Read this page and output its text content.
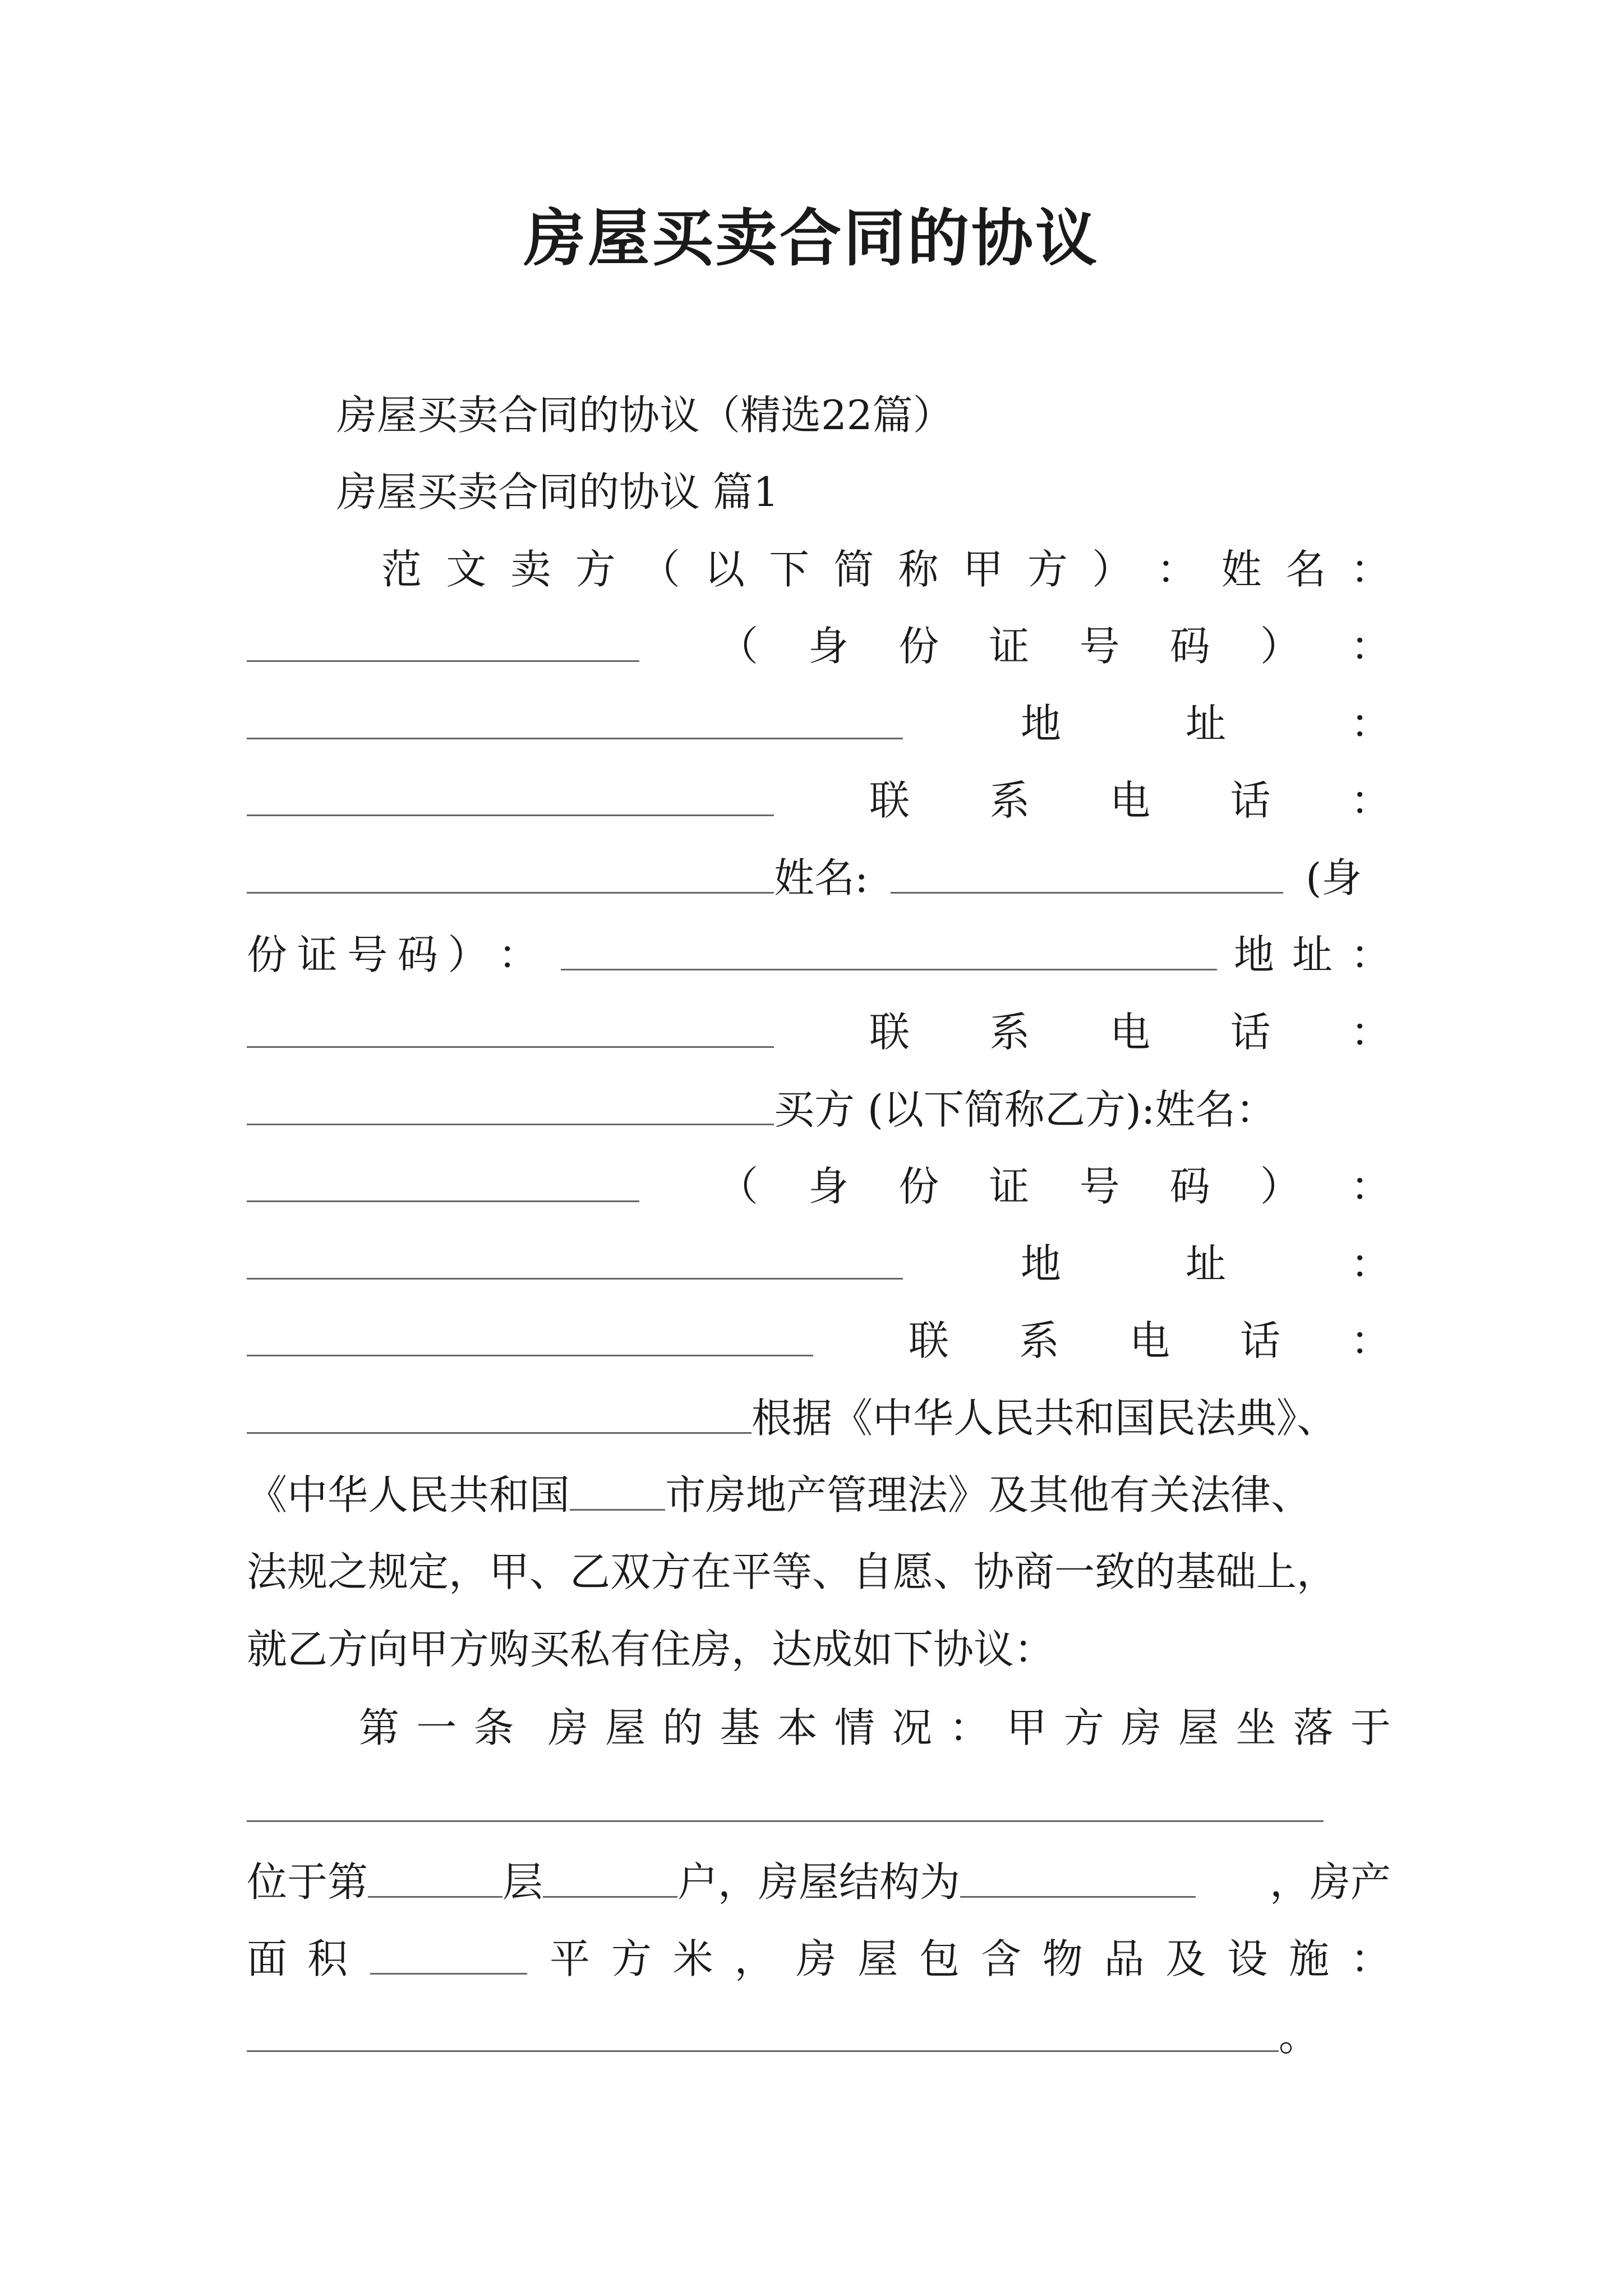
房屋买卖合同的协议
房屋买卖合同的协议（精选22篇）
房屋买卖合同的协议 篇1
范 文 卖 方 （ 以 下 简 称 甲 方 ） ： 姓 名 ：
（ 身 份 证 号 码 ） ：
地	址	：
联 系 电 话 ：
姓名:	(身
份 证 号 码 ） ：	地 址 ：
联 系 电 话 ：
买方 (以下简称乙方):姓名：
（ 身 份 证 号 码 ） ：
地	址	：
联 系 电 话 ：
根据《中华人民共和国民法典》、
《中华人民共和国 市房地产管理法》及其他有关法律、
法规之规定，甲、乙双方在平等、自愿、协商一致的基础上，
就乙方向甲方购买私有住房，达成如下协议：
第 一 条 房 屋 的 基 本 情 况 ： 甲 方 房 屋 坐 落 于
位于第	层	户，房屋结构为	，房产
面 积	平 方 米 ， 房 屋 包 含 物 品 及 设 施 ：
。
